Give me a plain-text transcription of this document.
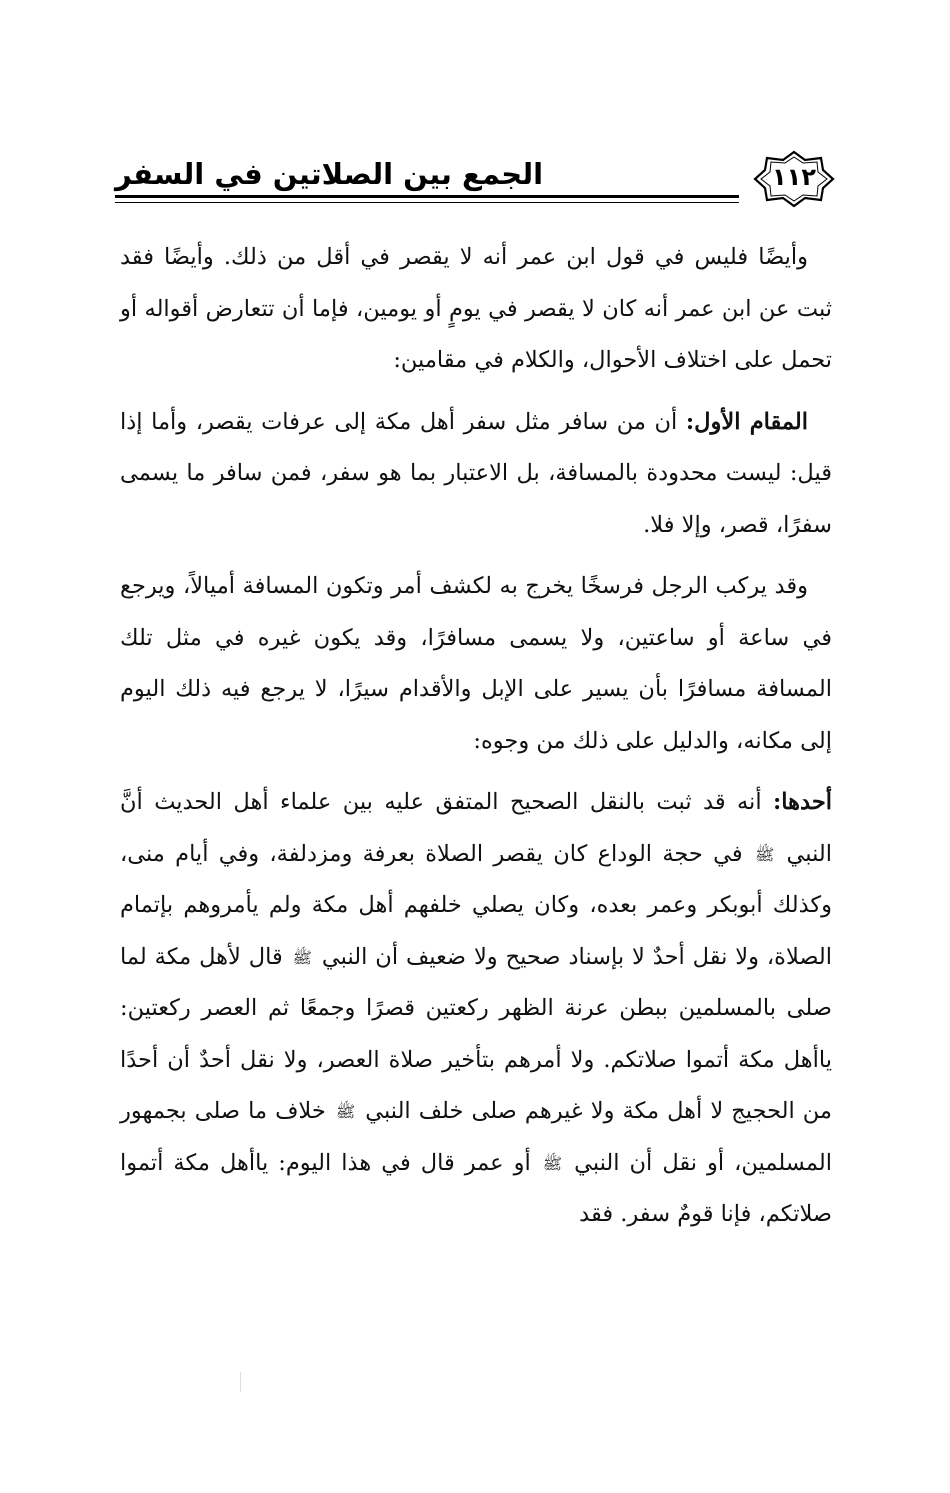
الجمع بين الصلاتين في السفر	١١٢

وأيضًا فليس في قول ابن عمر أنه لا يقصر في أقل من ذلك. وأيضًا فقد ثبت عن ابن عمر أنه كان لا يقصر في يومٍ أو يومين، فإما أن تتعارض أقواله أو تحمل على اختلاف الأحوال، والكلام في مقامين:

المقام الأول: أن من سافر مثل سفر أهل مكة إلى عرفات يقصر، وأما إذا قيل: ليست محدودة بالمسافة، بل الاعتبار بما هو سفر، فمن سافر ما يسمى سفرًا، قصر، وإلا فلا.

وقد يركب الرجل فرسخًا يخرج به لكشف أمر وتكون المسافة أميالاً، ويرجع في ساعة أو ساعتين، ولا يسمى مسافرًا، وقد يكون غيره في مثل تلك المسافة مسافرًا بأن يسير على الإبل والأقدام سيرًا، لا يرجع فيه ذلك اليوم إلى مكانه، والدليل على ذلك من وجوه:

أحدها: أنه قد ثبت بالنقل الصحيح المتفق عليه بين علماء أهل الحديث أنَّ النبي ﷺ في حجة الوداع كان يقصر الصلاة بعرفة ومزدلفة، وفي أيام منى، وكذلك أبوبكر وعمر بعده، وكان يصلي خلفهم أهل مكة ولم يأمروهم بإتمام الصلاة، ولا نقل أحدٌ لا بإسناد صحيح ولا ضعيف أن النبي ﷺ قال لأهل مكة لما صلى بالمسلمين ببطن عرنة الظهر ركعتين قصرًا وجمعًا ثم العصر ركعتين: ياأهل مكة أتموا صلاتكم. ولا أمرهم بتأخير صلاة العصر، ولا نقل أحدٌ أن أحدًا من الحجيج لا أهل مكة ولا غيرهم صلى خلف النبي ﷺ خلاف ما صلى بجمهور المسلمين، أو نقل أن النبي ﷺ أو عمر قال في هذا اليوم: ياأهل مكة أتموا صلاتكم، فإنا قومٌ سفر. فقد
